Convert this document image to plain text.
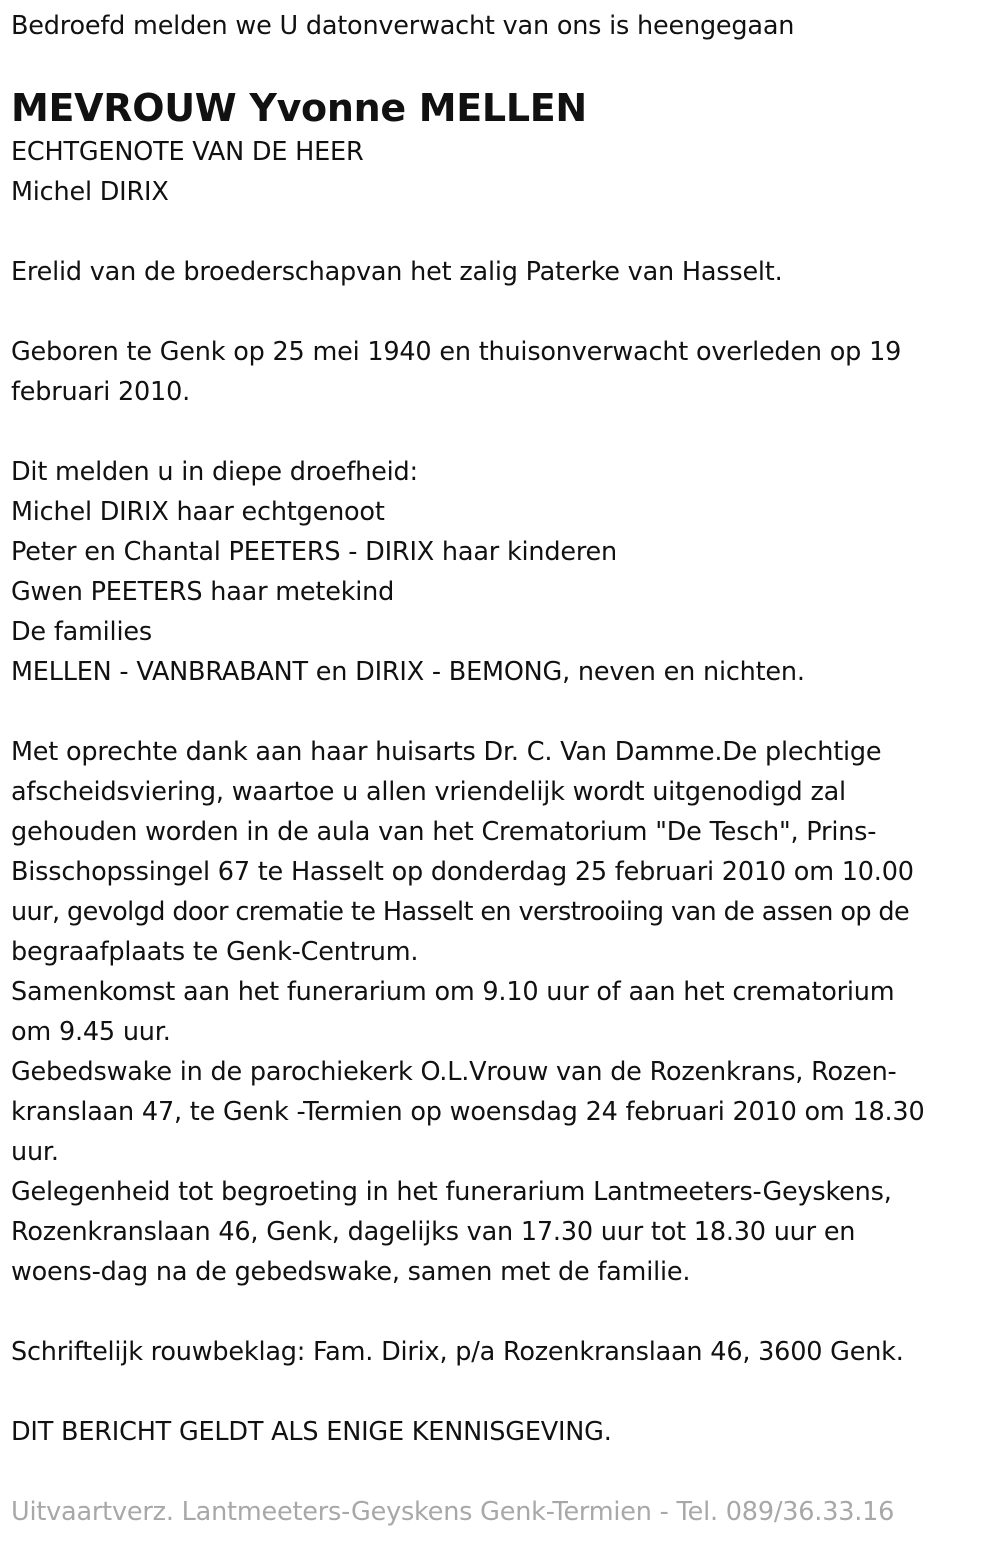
Bedroefd melden we U datonverwacht van ons is heengegaan
MEVROUW Yvonne MELLEN
ECHTGENOTE VAN DE HEER
Michel DIRIX
Erelid van de broederschapvan het zalig Paterke van Hasselt.
Geboren te Genk op 25 mei 1940 en thuisonverwacht overleden op 19
februari 2010.
Dit melden u in diepe droefheid:
Michel DIRIX haar echtgenoot
Peter en Chantal PEETERS - DIRIX haar kinderen
Gwen PEETERS haar metekind
De families
MELLEN - VANBRABANT en DIRIX - BEMONG, neven en nichten.
Met oprechte dank aan haar huisarts Dr. C. Van Damme.De plechtige
afscheidsviering, waartoe u allen vriendelijk wordt uitgenodigd zal
gehouden worden in de aula van het Crematorium "De Tesch", Prins-
Bisschopssingel 67 te Hasselt op donderdag 25 februari 2010 om 10.00
uur, gevolgd door crematie te Hasselt en verstrooiing van de assen op de
begraafplaats te Genk-Centrum.
Samenkomst aan het funerarium om 9.10 uur of aan het crematorium
om 9.45 uur.
Gebedswake in de parochiekerk O.L.Vrouw van de Rozenkrans, Rozen-
kranslaan 47, te Genk -Termien op woensdag 24 februari 2010 om 18.30
uur.
Gelegenheid tot begroeting in het funerarium Lantmeeters-Geyskens,
Rozenkranslaan 46, Genk, dagelijks van 17.30 uur tot 18.30 uur en
woens-dag na de gebedswake, samen met de familie.
Schriftelijk rouwbeklag: Fam. Dirix, p/a Rozenkranslaan 46, 3600 Genk.
DIT BERICHT GELDT ALS ENIGE KENNISGEVING.
Uitvaartverz. Lantmeeters-Geyskens Genk-Termien - Tel. 089/36.33.16
